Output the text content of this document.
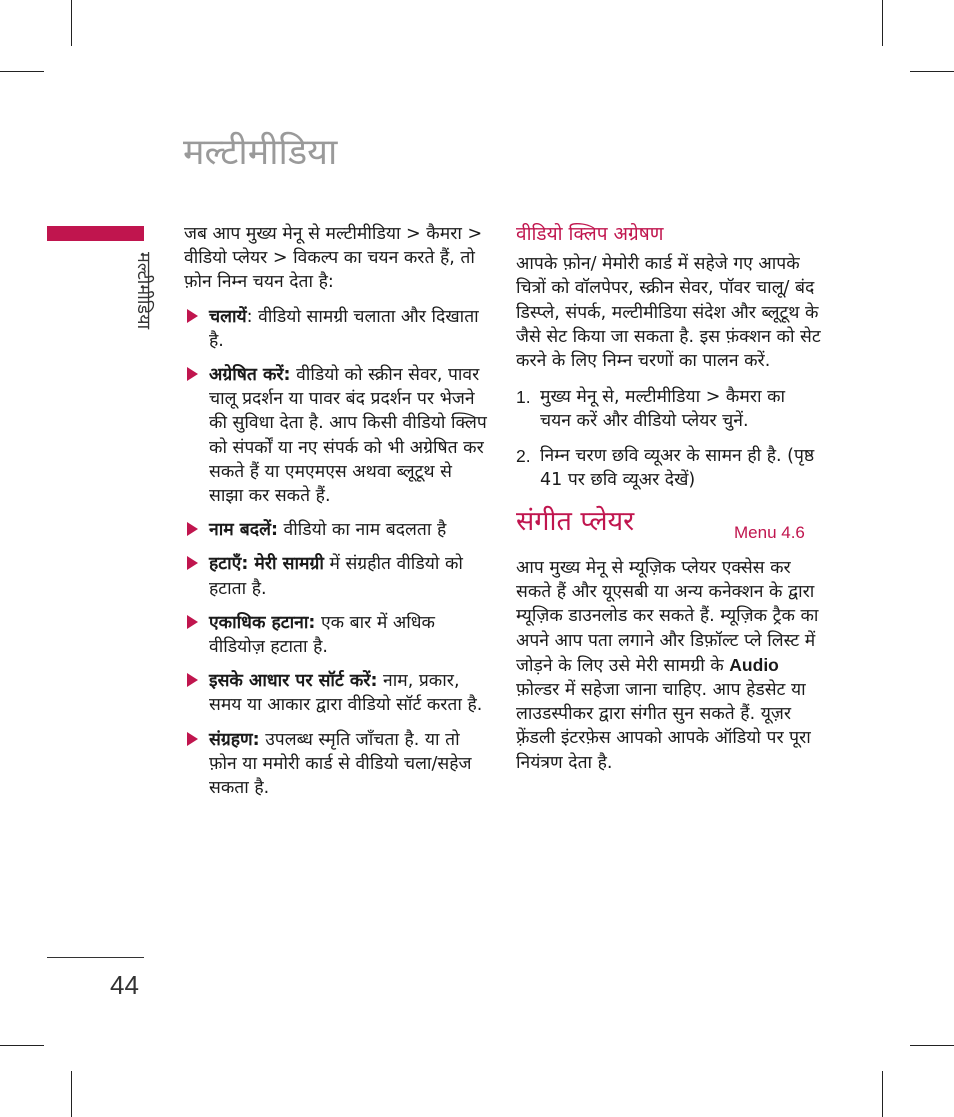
मल्टीमीडिया
मल्टीमीडिया
44

जब आप मुख्य मेनू से मल्टीमीडिया > कैमरा > वीडियो प्लेयर > विकल्प का चयन करते हैं, तो फ़ोन निम्न चयन देता है:

चलायें: वीडियो सामग्री चलाता और दिखाता है.
अग्रेषित करें: वीडियो को स्क्रीन सेवर, पावर चालू प्रदर्शन या पावर बंद प्रदर्शन पर भेजने की सुविधा देता है. आप किसी वीडियो क्लिप को संपर्कों या नए संपर्क को भी अग्रेषित कर सकते हैं या एमएमएस अथवा ब्लूटूथ से साझा कर सकते हैं.
नाम बदलें: वीडियो का नाम बदलता है
हटाएँ: मेरी सामग्री में संग्रहीत वीडियो को हटाता है.
एकाधिक हटाना: एक बार में अधिक वीडियोज़ हटाता है.
इसके आधार पर सॉर्ट करें: नाम, प्रकार, समय या आकार द्वारा वीडियो सॉर्ट करता है.
संग्रहण: उपलब्ध स्मृति जाँचता है. या तो फ़ोन या ममोरी कार्ड से वीडियो चला/सहेज सकता है.
वीडियो क्लिप अग्रेषण

आपके फ़ोन/ मेमोरी कार्ड में सहेजे गए आपके चित्रों को वॉलपेपर, स्क्रीन सेवर, पॉवर चालू/ बंद डिस्प्ले, संपर्क, मल्टीमीडिया संदेश और ब्लूटूथ के जैसे सेट किया जा सकता है. इस फ़ंक्शन को सेट करने के लिए निम्न चरणों का पालन करें.

1. मुख्य मेनू से, मल्टीमीडिया > कैमरा का चयन करें और वीडियो प्लेयर चुनें.
2. निम्न चरण छवि व्यूअर के सामन ही है. (पृष्ठ 41 पर छवि व्यूअर देखें)
संगीत प्लेयर	Menu 4.6

आप मुख्य मेनू से म्यूज़िक प्लेयर एक्सेस कर सकते हैं और यूएसबी या अन्य कनेक्शन के द्वारा म्यूज़िक डाउनलोड कर सकते हैं. म्यूज़िक ट्रैक का अपने आप पता लगाने और डिफ़ॉल्ट प्ले लिस्ट में जोड़ने के लिए उसे मेरी सामग्री के Audio फ़ोल्डर में सहेजा जाना चाहिए. आप हेडसेट या लाउडस्पीकर द्वारा संगीत सुन सकते हैं. यूज़र फ़्रेंडली इंटरफ़ेस आपको आपके ऑडियो पर पूरा नियंत्रण देता है.
